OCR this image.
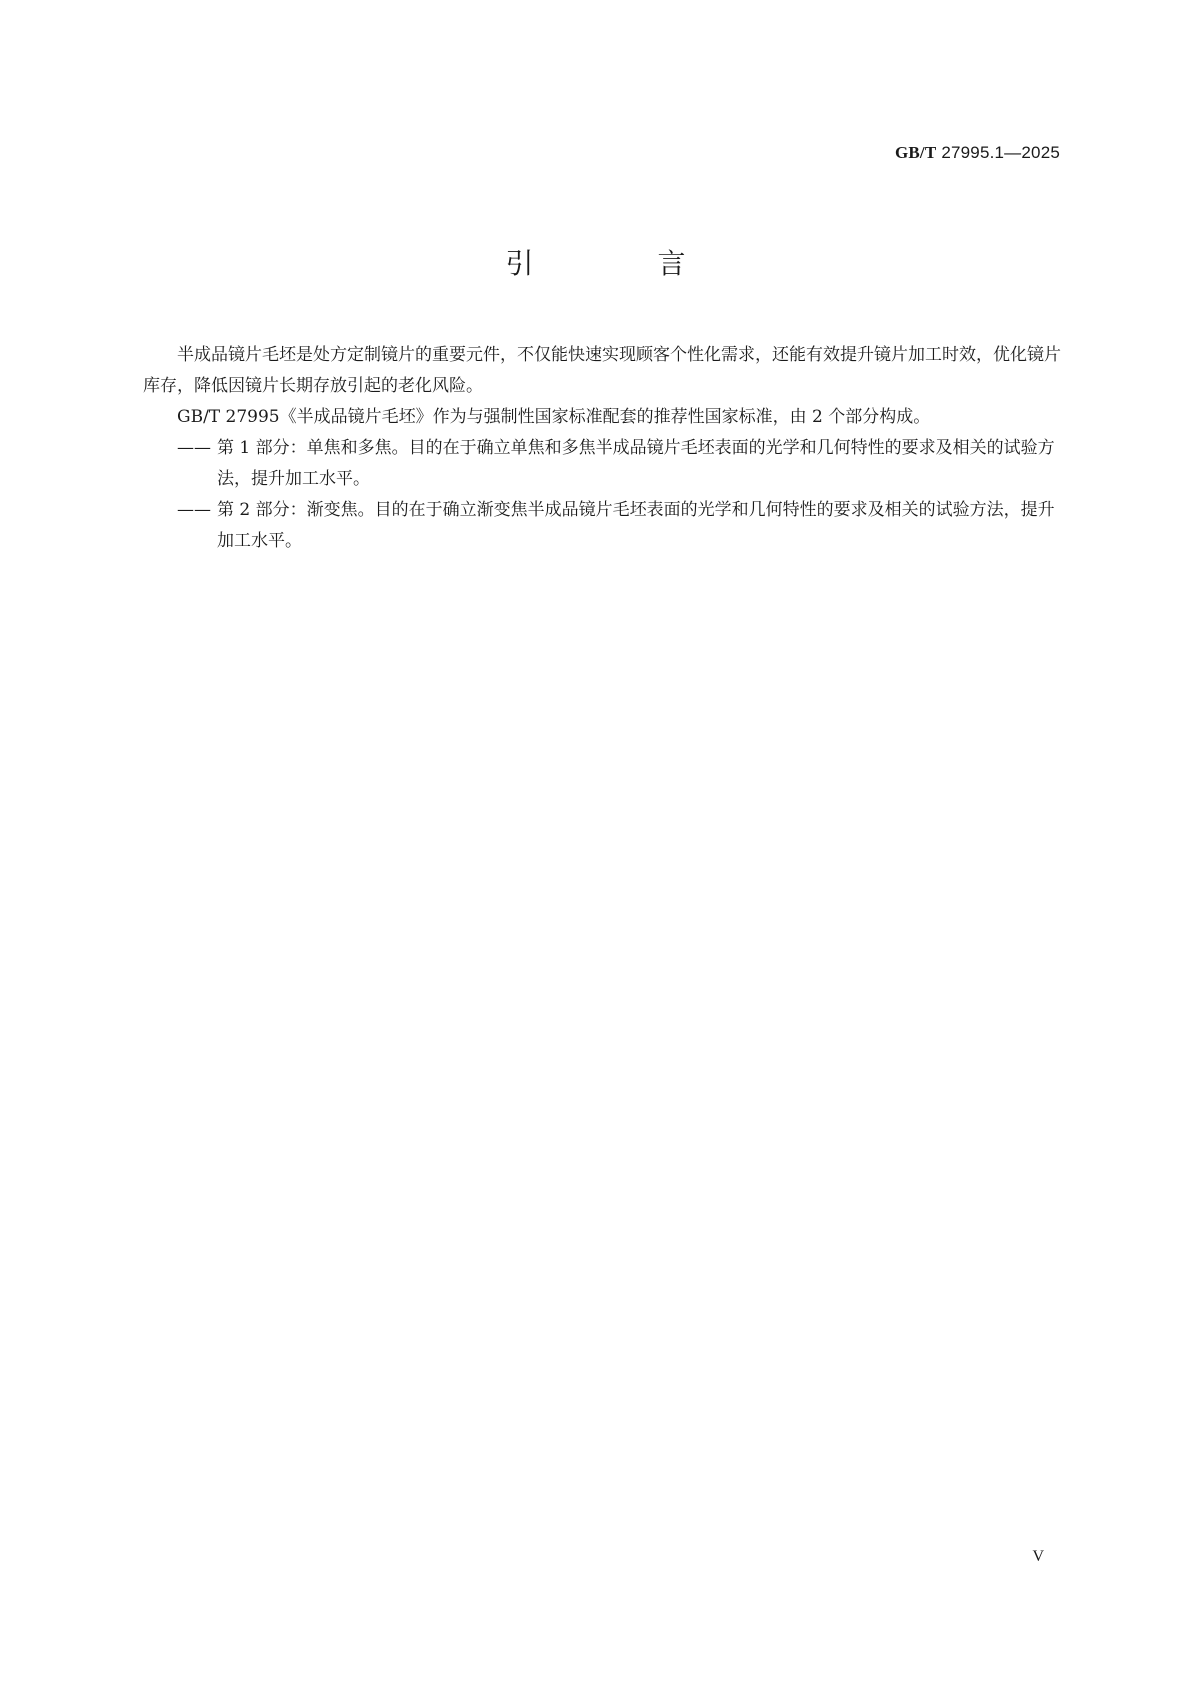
GB/T 27995.1—2025
引　言

半成品镜片毛坯是处方定制镜片的重要元件，不仅能快速实现顾客个性化需求，还能有效提升镜片加工时效，优化镜片库存，降低因镜片长期存放引起的老化风险。

GB/T 27995《半成品镜片毛坯》作为与强制性国家标准配套的推荐性国家标准，由 2 个部分构成。

—— 第 1 部分：单焦和多焦。目的在于确立单焦和多焦半成品镜片毛坯表面的光学和几何特性的要求及相关的试验方法，提升加工水平。

—— 第 2 部分：渐变焦。目的在于确立渐变焦半成品镜片毛坯表面的光学和几何特性的要求及相关的试验方法，提升加工水平。

V
